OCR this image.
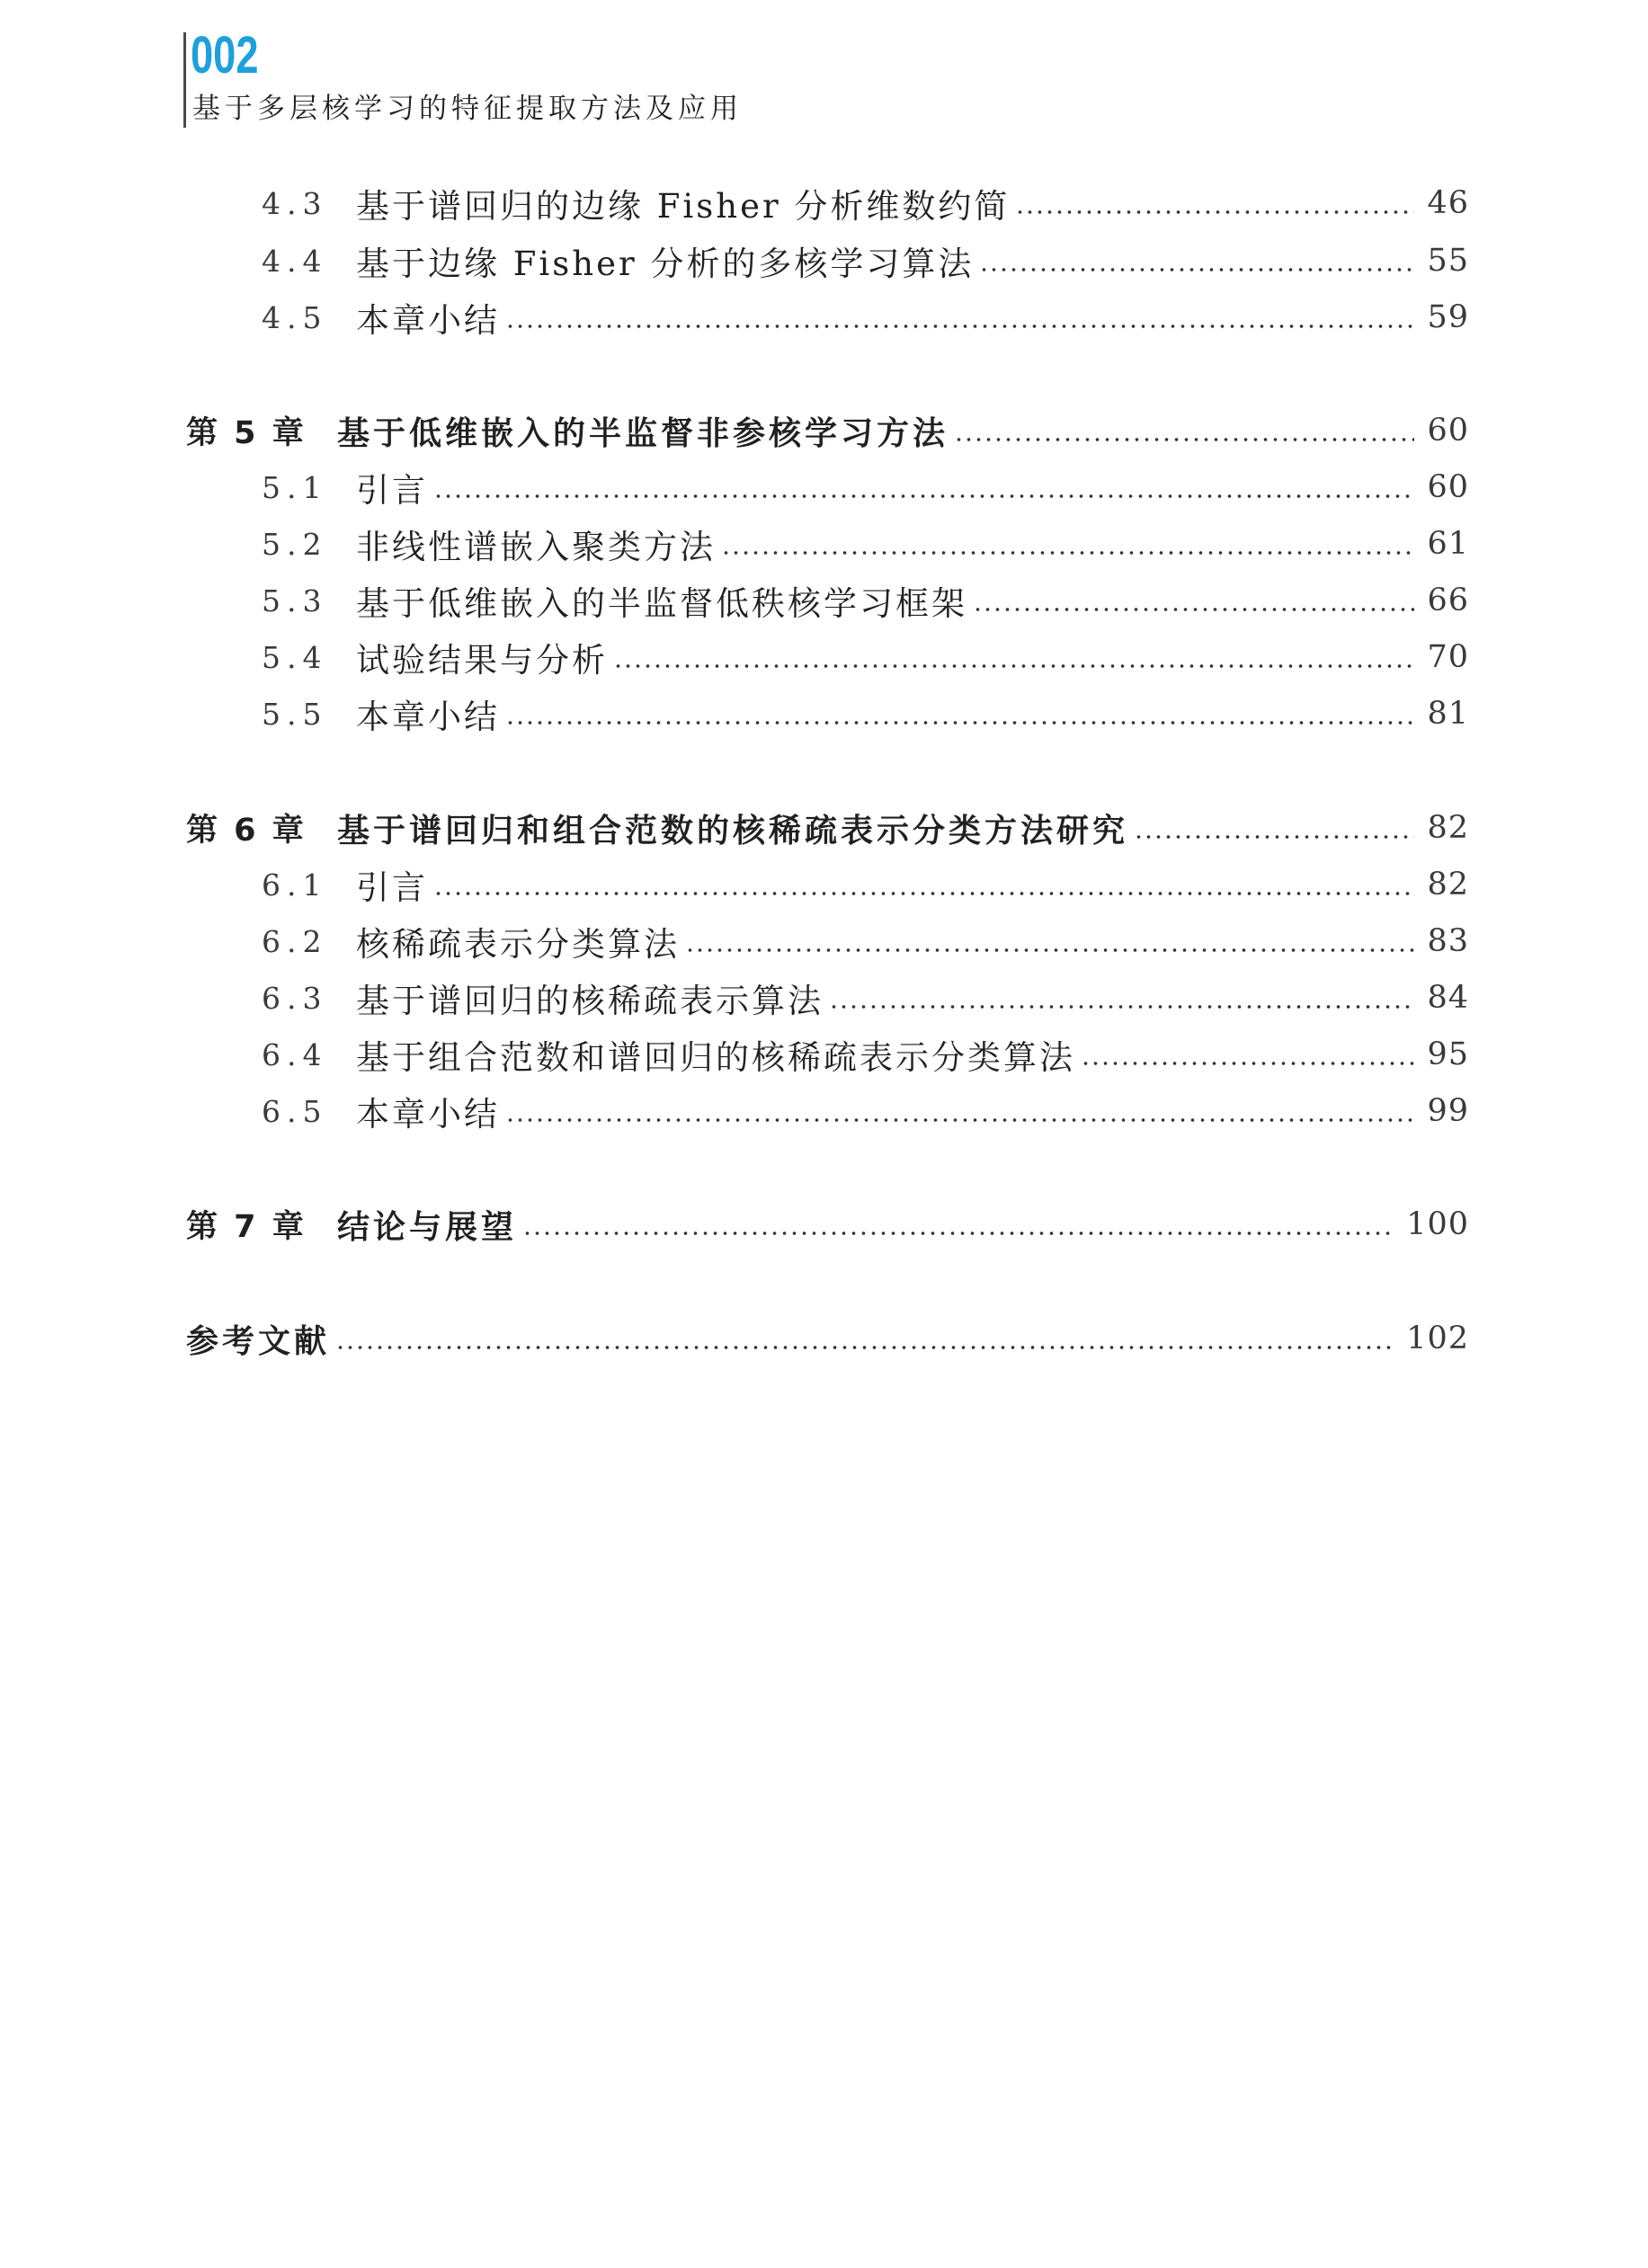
002
基于多层核学习的特征提取方法及应用
4.3 基于谱回归的边缘 Fisher 分析维数约简	46
4.4 基于边缘 Fisher 分析的多核学习算法	55
4.5 本章小结	59
第 5 章 基于低维嵌入的半监督非参核学习方法	60
5.1 引言	60
5.2 非线性谱嵌入聚类方法	61
5.3 基于低维嵌入的半监督低秩核学习框架	66
5.4 试验结果与分析	70
5.5 本章小结	81
第 6 章 基于谱回归和组合范数的核稀疏表示分类方法研究	82
6.1 引言	82
6.2 核稀疏表示分类算法	83
6.3 基于谱回归的核稀疏表示算法	84
6.4 基于组合范数和谱回归的核稀疏表示分类算法	95
6.5 本章小结	99
第 7 章 结论与展望	100
参考文献	102
